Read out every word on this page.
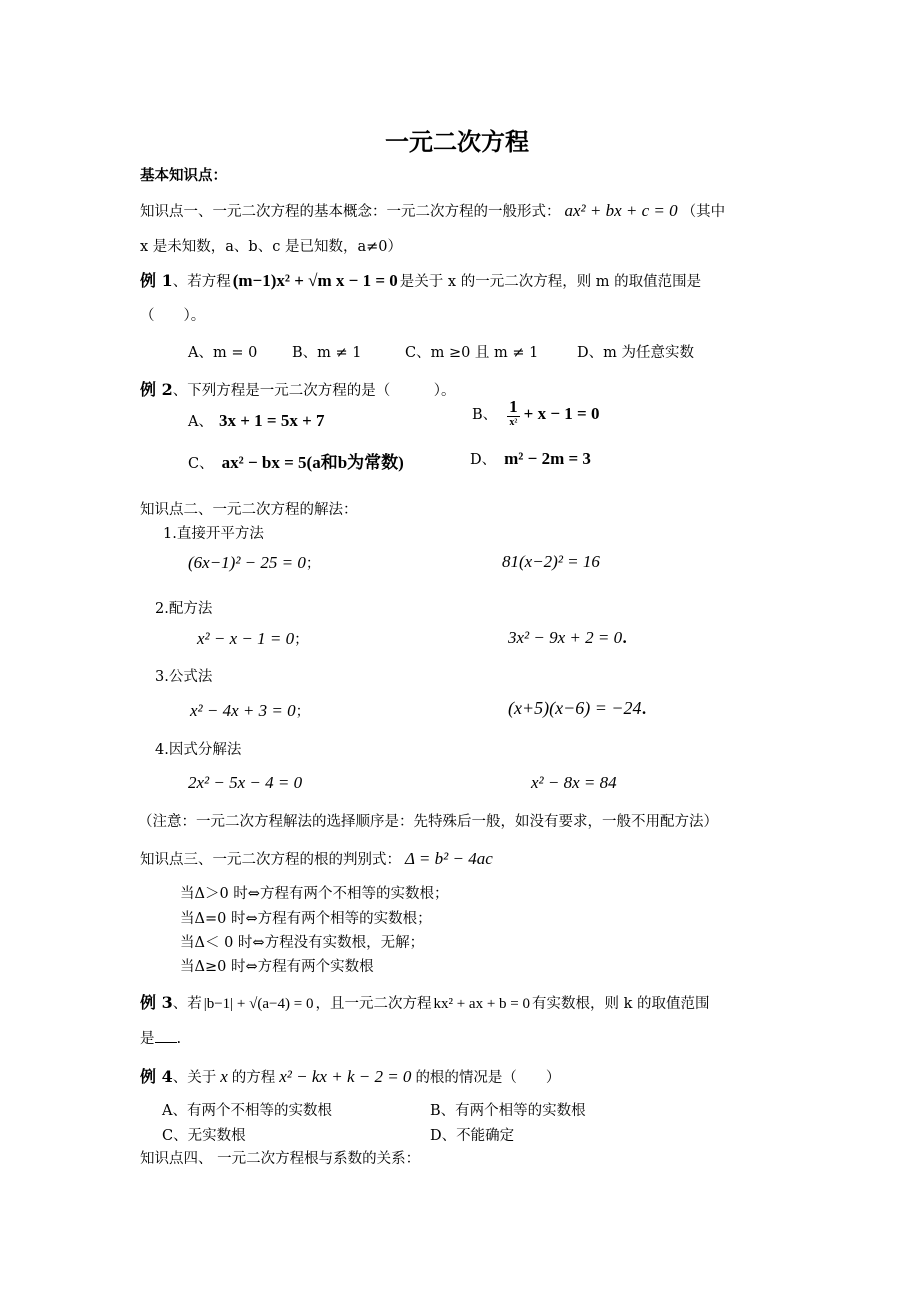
一元二次方程
基本知识点：
知识点一、一元二次方程的基本概念：一元二次方程的一般形式： ax² + bx + c = 0 （其中
x 是未知数，a、b、c 是已知数，a≠0）
例 1、若方程 (m−1)x² + √m x − 1 = 0 是关于 x 的一元二次方程，则 m 的取值范围是
（　　）。
A、m = 0 B、m ≠ 1	C、m ≥0 且 m ≠ 1	D、m 为任意实数
例 2、下列方程是一元二次方程的是（　　　）。
A、 3x + 1 = 5x + 7	B、 $\frac{1}{\text{x²}} + x - 1 = 0$
C、 ax² − bx = 5(a和b为常数)	D、 m² − 2m = 3
知识点二、一元二次方程的解法：
1.直接开平方法
(6x−1)² − 25 = 0；	81(x−2)² = 16
2.配方法
x² − x − 1 = 0；	3x² − 9x + 2 = 0.
3.公式法
x² − 4x + 3 = 0；	(x+5)(x−6) = −24.
4.因式分解法
2x² − 5x − 4 = 0	x² − 8x = 84
（注意：一元二次方程解法的选择顺序是：先特殊后一般，如没有要求，一般不用配方法）
知识点三、一元二次方程的根的判别式： Δ = b² − 4ac
当Δ＞0 时⇔方程有两个不相等的实数根；
当Δ=0 时⇔方程有两个相等的实数根；
当Δ＜ 0 时⇔方程没有实数根，无解；
当Δ≥0 时⇔方程有两个实数根
例 3、若 |b−1| + √(a−4) = 0 ，且一元二次方程 kx² + ax + b = 0 有实数根，则 k 的取值范围
是 .
例 4、关于 x 的方程 x² − kx + k − 2 = 0 的根的情况是（　　）
A、有两个不相等的实数根	B、有两个相等的实数根
C、无实数根	D、不能确定
知识点四、 一元二次方程根与系数的关系：
